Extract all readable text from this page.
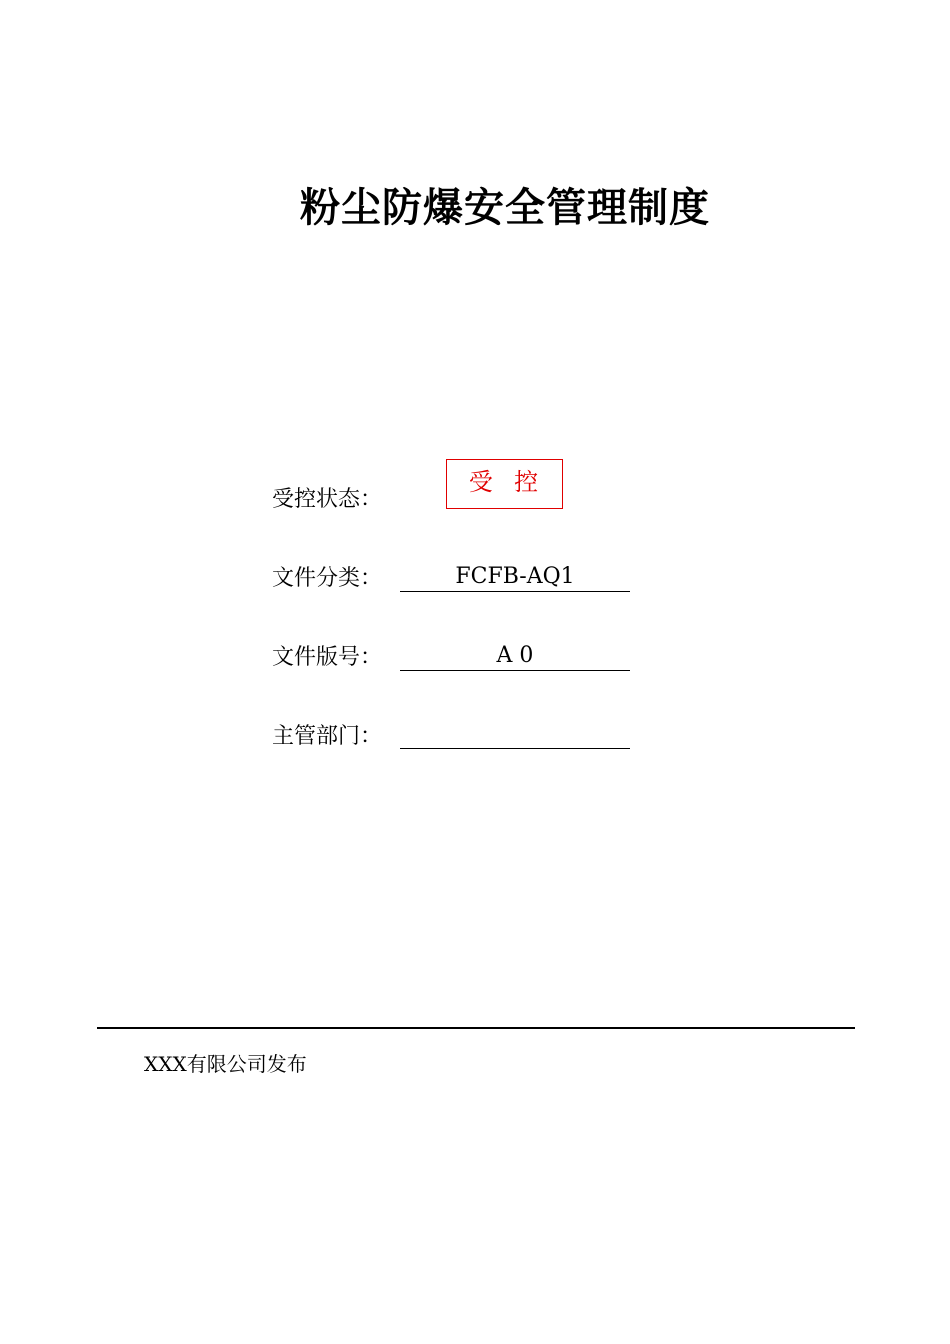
粉尘防爆安全管理制度
受控状态：
受  控
文件分类：	FCFB-AQ1
文件版号：	A 0
主管部门：
XXX有限公司发布
